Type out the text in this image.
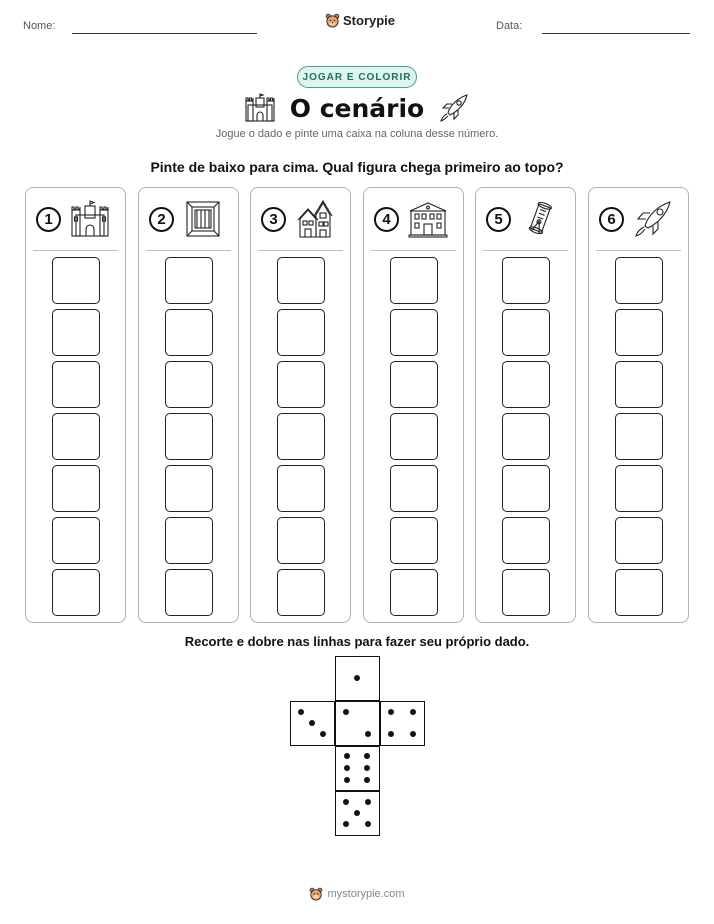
Nome:	Storypie	Data:
JOGAR E COLORIR
O cenário
Jogue o dado e pinte uma caixa na coluna desse número.
Pinte de baixo para cima. Qual figura chega primeiro ao topo?
1	2	3	4	5	6
Recorte e dobre nas linhas para fazer seu próprio dado.
mystorypie.com
